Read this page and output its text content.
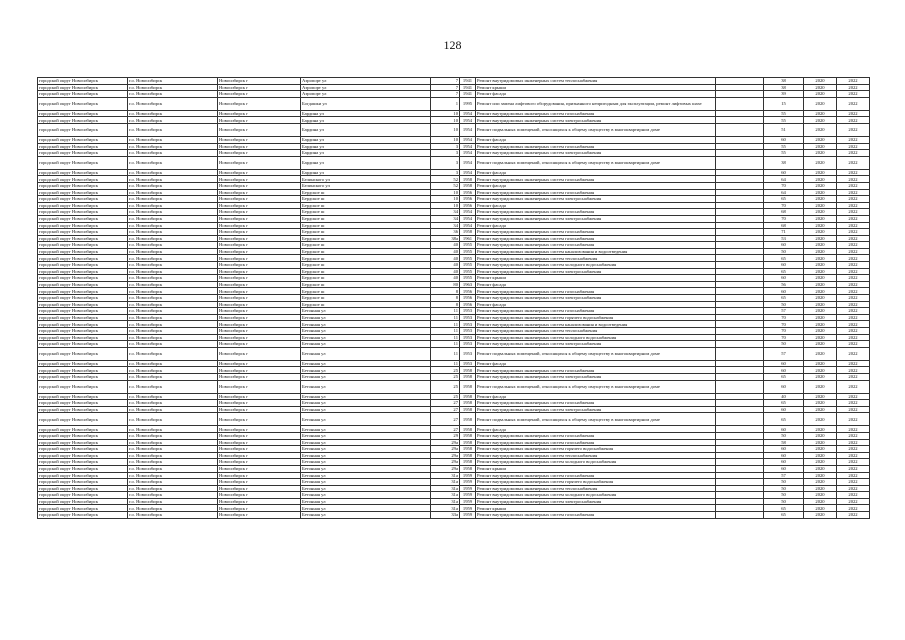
128
городской округ Новосибирск	г.о. Новосибирск	Новосибирск г	Аэропорт ул	7	1941	Ремонт внутридомовых инженерных систем теплоснабжения		38	2020	2022
городской округ Новосибирск	г.о. Новосибирск	Новосибирск г	Аэропорт ул	7	1941	Ремонт крыши		38	2020	2022
городской округ Новосибирск	г.о. Новосибирск	Новосибирск г	Аэропорт ул	7	1941	Ремонт фасада		39	2020	2022
городской округ Новосибирск	г.о. Новосибирск	Новосибирск г	Богдашки ул	1	1995	Ремонт или замена лифтового оборудования, признанного непригодным для эксплуатации, ремонт лифтовых шахт		15	2020	2022
городской округ Новосибирск	г.о. Новосибирск	Новосибирск г	Бардина ул	10	1954	Ремонт внутридомовых инженерных систем газоснабжения		55	2020	2022
городской округ Новосибирск	г.о. Новосибирск	Новосибирск г	Бардина ул	10	1954	Ремонт внутридомовых инженерных систем электроснабжения		55	2020	2022
городской округ Новосибирск	г.о. Новосибирск	Новосибирск г	Бардина ул	10	1954	Ремонт подвальных помещений, относящихся к общему имуществу в многоквартирном доме		51	2020	2022
городской округ Новосибирск	г.о. Новосибирск	Новосибирск г	Бардина ул	10	1954	Ремонт фасада		60	2020	2022
городской округ Новосибирск	г.о. Новосибирск	Новосибирск г	Бардина ул	3	1954	Ремонт внутридомовых инженерных систем газоснабжения		55	2020	2022
городской округ Новосибирск	г.о. Новосибирск	Новосибирск г	Бардина ул	3	1954	Ремонт внутридомовых инженерных систем электроснабжения		55	2020	2022
городской округ Новосибирск	г.о. Новосибирск	Новосибирск г	Бардина ул	3	1954	Ремонт подвальных помещений, относящихся к общему имуществу в многоквартирном доме		38	2020	2022
городской округ Новосибирск	г.о. Новосибирск	Новосибирск г	Бардина ул	3	1954	Ремонт фасада		60	2020	2022
городской округ Новосибирск	г.о. Новосибирск	Новосибирск г	Белинского ул	52	1958	Ремонт внутридомовых инженерных систем газоснабжения		64	2020	2022
городской округ Новосибирск	г.о. Новосибирск	Новосибирск г	Белинского ул	52	1958	Ремонт фасада		70	2020	2022
городской округ Новосибирск	г.о. Новосибирск	Новосибирск г	Бердское ш	10	1956	Ремонт внутридомовых инженерных систем газоснабжения		64	2020	2022
городской округ Новосибирск	г.о. Новосибирск	Новосибирск г	Бердское ш	10	1956	Ремонт внутридомовых инженерных систем электроснабжения		65	2020	2022
городской округ Новосибирск	г.о. Новосибирск	Новосибирск г	Бердское ш	10	1956	Ремонт фасада		70	2020	2022
городской округ Новосибирск	г.о. Новосибирск	Новосибирск г	Бердское ш	34	1954	Ремонт внутридомовых инженерных систем газоснабжения		68	2020	2022
городской округ Новосибирск	г.о. Новосибирск	Новосибирск г	Бердское ш	34	1954	Ремонт внутридомовых инженерных систем электроснабжения		70	2020	2022
городской округ Новосибирск	г.о. Новосибирск	Новосибирск г	Бердское ш	34	1954	Ремонт фасада		68	2020	2022
городской округ Новосибирск	г.о. Новосибирск	Новосибирск г	Бердское ш	36	1958	Ремонт внутридомовых инженерных систем газоснабжения		71	2020	2022
городской округ Новосибирск	г.о. Новосибирск	Новосибирск г	Бердское ш	38а	1961	Ремонт внутридомовых инженерных систем газоснабжения		53	2020	2022
городской округ Новосибирск	г.о. Новосибирск	Новосибирск г	Бердское ш	40	1955	Ремонт внутридомовых инженерных систем газоснабжения		60	2020	2022
городской округ Новосибирск	г.о. Новосибирск	Новосибирск г	Бердское ш	40	1955	Ремонт внутридомовых инженерных систем канализования и водоотведения		50	2020	2022
городской округ Новосибирск	г.о. Новосибирск	Новосибирск г	Бердское ш	40	1955	Ремонт внутридомовых инженерных систем теплоснабжения		65	2020	2022
городской округ Новосибирск	г.о. Новосибирск	Новосибирск г	Бердское ш	40	1955	Ремонт внутридомовых инженерных систем холодного водоснабжения		60	2020	2022
городской округ Новосибирск	г.о. Новосибирск	Новосибирск г	Бердское ш	40	1955	Ремонт внутридомовых инженерных систем электроснабжения		65	2020	2022
городской округ Новосибирск	г.о. Новосибирск	Новосибирск г	Бердское ш	40	1955	Ремонт крыши		60	2020	2022
городской округ Новосибирск	г.о. Новосибирск	Новосибирск г	Бердское ш	80	1963	Ремонт фасада		56	2020	2022
городской округ Новосибирск	г.о. Новосибирск	Новосибирск г	Бердское ш	8	1956	Ремонт внутридомовых инженерных систем газоснабжения		60	2020	2022
городской округ Новосибирск	г.о. Новосибирск	Новосибирск г	Бердское ш	8	1956	Ремонт внутридомовых инженерных систем электроснабжения		65	2020	2022
городской округ Новосибирск	г.о. Новосибирск	Новосибирск г	Бердское ш	8	1956	Ремонт фасада		50	2020	2022
городской округ Новосибирск	г.о. Новосибирск	Новосибирск г	Бетонная ул	11	1953	Ремонт внутридомовых инженерных систем газоснабжения		57	2020	2022
городской округ Новосибирск	г.о. Новосибирск	Новосибирск г	Бетонная ул	11	1953	Ремонт внутридомовых инженерных систем горячего водоснабжения		70	2020	2022
городской округ Новосибирск	г.о. Новосибирск	Новосибирск г	Бетонная ул	11	1953	Ремонт внутридомовых инженерных систем канализования и водоотведения		70	2020	2022
городской округ Новосибирск	г.о. Новосибирск	Новосибирск г	Бетонная ул	11	1953	Ремонт внутридомовых инженерных систем теплоснабжения		70	2020	2022
городской округ Новосибирск	г.о. Новосибирск	Новосибирск г	Бетонная ул	11	1953	Ремонт внутридомовых инженерных систем холодного водоснабжения		70	2020	2022
городской округ Новосибирск	г.о. Новосибирск	Новосибирск г	Бетонная ул	11	1953	Ремонт внутридомовых инженерных систем электроснабжения		50	2020	2022
городской округ Новосибирск	г.о. Новосибирск	Новосибирск г	Бетонная ул	11	1953	Ремонт подвальных помещений, относящихся к общему имуществу в многоквартирном доме		57	2020	2022
городской округ Новосибирск	г.о. Новосибирск	Новосибирск г	Бетонная ул	11	1953	Ремонт фасада		60	2020	2022
городской округ Новосибирск	г.о. Новосибирск	Новосибирск г	Бетонная ул	25	1958	Ремонт внутридомовых инженерных систем газоснабжения		60	2020	2022
городской округ Новосибирск	г.о. Новосибирск	Новосибирск г	Бетонная ул	25	1958	Ремонт внутридомовых инженерных систем электроснабжения		65	2020	2022
городской округ Новосибирск	г.о. Новосибирск	Новосибирск г	Бетонная ул	25	1958	Ремонт подвальных помещений, относящихся к общему имуществу в многоквартирном доме		60	2020	2022
городской округ Новосибирск	г.о. Новосибирск	Новосибирск г	Бетонная ул	25	1958	Ремонт фасада		40	2020	2022
городской округ Новосибирск	г.о. Новосибирск	Новосибирск г	Бетонная ул	27	1958	Ремонт внутридомовых инженерных систем газоснабжения		65	2020	2022
городской округ Новосибирск	г.о. Новосибирск	Новосибирск г	Бетонная ул	27	1958	Ремонт внутридомовых инженерных систем электроснабжения		60	2020	2022
городской округ Новосибирск	г.о. Новосибирск	Новосибирск г	Бетонная ул	27	1958	Ремонт подвальных помещений, относящихся к общему имуществу в многоквартирном доме		65	2020	2022
городской округ Новосибирск	г.о. Новосибирск	Новосибирск г	Бетонная ул	27	1958	Ремонт фасада		60	2020	2022
городской округ Новосибирск	г.о. Новосибирск	Новосибирск г	Бетонная ул	29	1958	Ремонт внутридомовых инженерных систем газоснабжения		50	2020	2022
городской округ Новосибирск	г.о. Новосибирск	Новосибирск г	Бетонная ул	29а	1958	Ремонт внутридомовых инженерных систем газоснабжения		58	2020	2022
городской округ Новосибирск	г.о. Новосибирск	Новосибирск г	Бетонная ул	29а	1958	Ремонт внутридомовых инженерных систем горячего водоснабжения		60	2020	2022
городской округ Новосибирск	г.о. Новосибирск	Новосибирск г	Бетонная ул	29а	1958	Ремонт внутридомовых инженерных систем теплоснабжения		60	2020	2022
городской округ Новосибирск	г.о. Новосибирск	Новосибирск г	Бетонная ул	29а	1958	Ремонт внутридомовых инженерных систем холодного водоснабжения		60	2020	2022
городской округ Новосибирск	г.о. Новосибирск	Новосибирск г	Бетонная ул	29а	1958	Ремонт крыши		60	2020	2022
городской округ Новосибирск	г.о. Новосибирск	Новосибирск г	Бетонная ул	31а	1959	Ремонт внутридомовых инженерных систем газоснабжения		57	2020	2022
городской округ Новосибирск	г.о. Новосибирск	Новосибирск г	Бетонная ул	31а	1959	Ремонт внутридомовых инженерных систем горячего водоснабжения		50	2020	2022
городской округ Новосибирск	г.о. Новосибирск	Новосибирск г	Бетонная ул	31а	1959	Ремонт внутридомовых инженерных систем теплоснабжения		50	2020	2022
городской округ Новосибирск	г.о. Новосибирск	Новосибирск г	Бетонная ул	31а	1959	Ремонт внутридомовых инженерных систем холодного водоснабжения		50	2020	2022
городской округ Новосибирск	г.о. Новосибирск	Новосибирск г	Бетонная ул	31а	1959	Ремонт внутридомовых инженерных систем электроснабжения		50	2020	2022
городской округ Новосибирск	г.о. Новосибирск	Новосибирск г	Бетонная ул	31а	1959	Ремонт крыши		65	2020	2022
городской округ Новосибирск	г.о. Новосибирск	Новосибирск г	Бетонная ул	33а	1959	Ремонт внутридомовых инженерных систем газоснабжения		65	2020	2022
